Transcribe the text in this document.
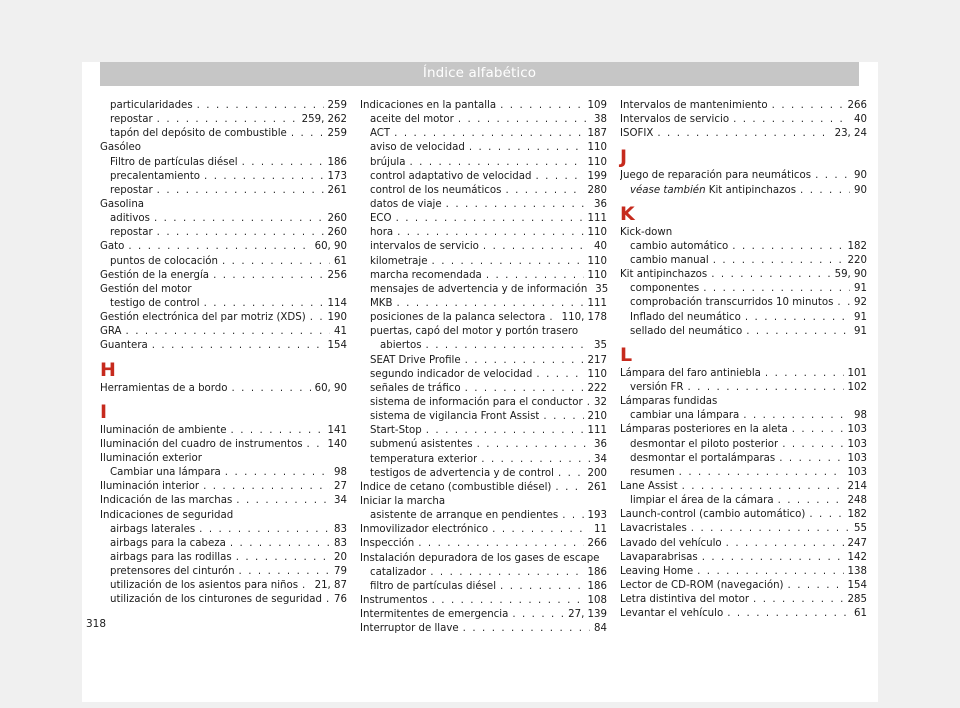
Índice alfabético
particularidades . . .	259
repostar . . .	259, 262
tapón del depósito de combustible . . .	259
Gasóleo
Filtro de partículas diésel . . .	186
precalentamiento . . .	173
repostar . . .	261
Gasolina
aditivos . . .	260
repostar . . .	260
Gato . . .	60, 90
puntos de colocación . . .	61
Gestión de la energía . . .	256
Gestión del motor
testigo de control . . .	114
Gestión electrónica del par motriz (XDS) . . . 190
GRA . . .	41
Guantera . . .	154
H
Herramientas de a bordo . . .	60, 90
I
Iluminación de ambiente . . .	141
Iluminación del cuadro de instrumentos . . . 140
Iluminación exterior
Cambiar una lámpara . . .	98
Iluminación interior . . .	27
Indicación de las marchas . . .	34
Indicaciones de seguridad
airbags laterales . . .	83
airbags para la cabeza . . .	83
airbags para las rodillas . . .	20
pretensores del cinturón . . .	79
utilización de los asientos para niños . . . 21, 87
utilización de los cinturones de seguridad . . . 76
Indicaciones en la pantalla . . .	109
aceite del motor . . .	38
ACT . . .	187
aviso de velocidad . . .	110
brújula . . .	110
control adaptativo de velocidad . . .	199
control de los neumáticos . . .	280
datos de viaje . . .	36
ECO . . .	111
hora . . .	110
intervalos de servicio . . .	40
kilometraje . . .	110
marcha recomendada . . .	110
mensajes de advertencia y de información 35
MKB . . .	111
posiciones de la palanca selectora . . . 110, 178
puertas, capó del motor y portón trasero
abiertos . . .	35
SEAT Drive Profile . . .	217
segundo indicador de velocidad . . .	110
señales de tráfico . . .	222
sistema de información para el conductor . . . 32
sistema de vigilancia Front Assist . . .	210
Start-Stop . . .	111
submenú asistentes . . .	36
temperatura exterior . . .	34
testigos de advertencia y de control . . .	200
Índice de cetano (combustible diésel) . . .	261
Iniciar la marcha
asistente de arranque en pendientes . . .	193
Inmovilizador electrónico . . .	11
Inspección . . .	266
Instalación depuradora de los gases de escape
catalizador . . .	186
filtro de partículas diésel . . .	186
Instrumentos . . .	108
Intermitentes de emergencia . . .	27, 139
Interruptor de llave . . .	84
Intervalos de mantenimiento . . .	266
Intervalos de servicio . . .	40
ISOFIX . . .	23, 24
J
Juego de reparación para neumáticos . . .	90
véase también Kit antipinchazos . . .	90
K
Kick-down
cambio automático . . .	182
cambio manual . . .	220
Kit antipinchazos . . .	59, 90
componentes . . .	91
comprobación transcurridos 10 minutos . . . 92
Inflado del neumático . . .	91
sellado del neumático . . .	91
L
Lámpara del faro antiniebla . . .	101
versión FR . . .	102
Lámparas fundidas
cambiar una lámpara . . .	98
Lámparas posteriores en la aleta . . .	103
desmontar el piloto posterior . . .	103
desmontar el portalámparas . . .	103
resumen . . .	103
Lane Assist . . .	214
limpiar el área de la cámara . . .	248
Launch-control (cambio automático) . . .	182
Lavacristales . . .	55
Lavado del vehículo . . .	247
Lavaparabrisas . . .	142
Leaving Home . . .	138
Lector de CD-ROM (navegación) . . .	154
Letra distintiva del motor . . .	285
Levantar el vehículo . . .	61
318
